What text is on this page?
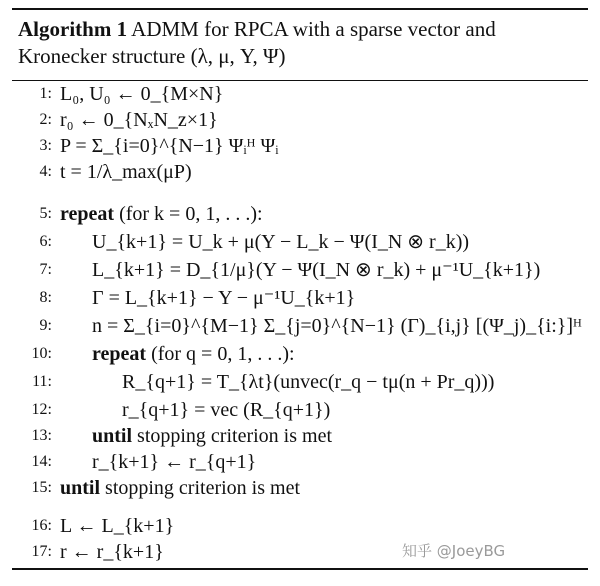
Algorithm 1 ADMM for RPCA with a sparse vector and
Kronecker structure (λ, μ, Y, Ψ)
1: L₀, U₀ ← 0_{M×N}
2: r₀ ← 0_{NₓN_z×1}
3: P = Σ_{i=0}^{N−1} Ψᵢᴴ Ψᵢ
4: t = 1/λ_max(μP)
5: repeat (for k = 0, 1, . . .):
6: U_{k+1} = U_k + μ(Y − L_k − Ψ(I_N ⊗ r_k))
7: L_{k+1} = D_{1/μ}(Y − Ψ(I_N ⊗ r_k) + μ⁻¹U_{k+1})
8: Γ = L_{k+1} − Y − μ⁻¹U_{k+1}
9: n = Σ_{i=0}^{M−1} Σ_{j=0}^{N−1} (Γ)_{i,j} [(Ψ_j)_{i:}]ᴴ
10: repeat (for q = 0, 1, . . .):
11:	R_{q+1} = T_{λt}(unvec(r_q − tμ(n + Pr_q)))
12:	r_{q+1} = vec (R_{q+1})
13: until stopping criterion is met
14: r_{k+1} ← r_{q+1}
15: until stopping criterion is met
16: L ← L_{k+1}
17: r ← r_{k+1}	知乎 @JoeyBG
